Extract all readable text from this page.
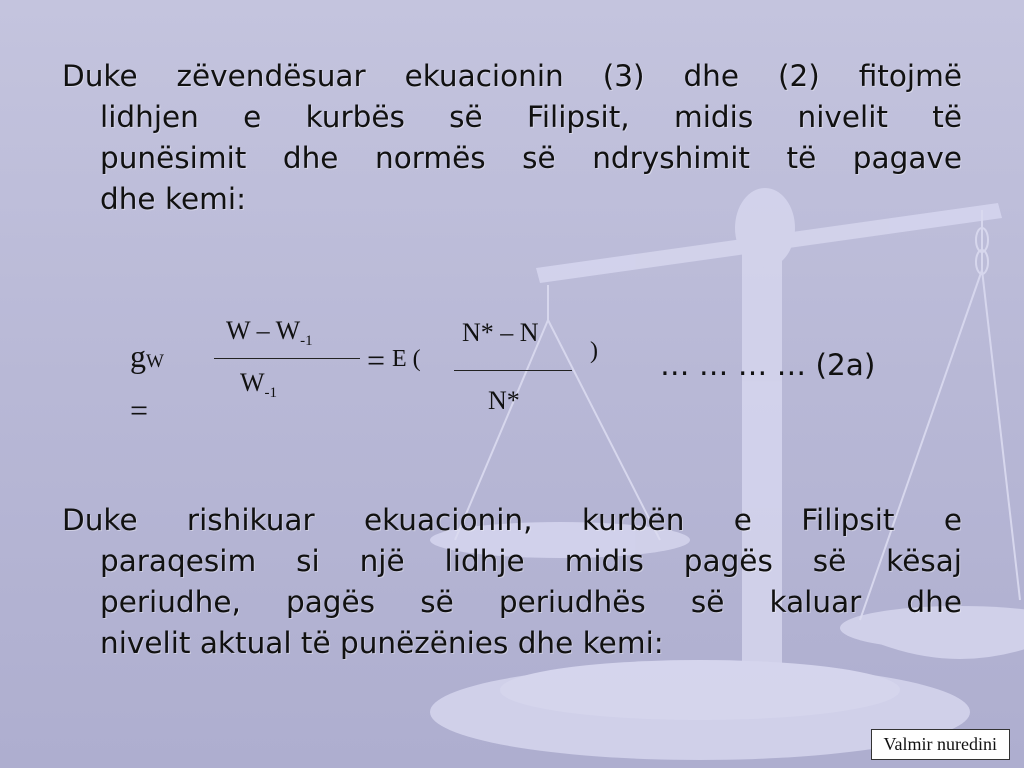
Duke zëvendësuar ekuacionin (3) dhe (2) fitojmë
lidhjen e kurbës së Filipsit, midis nivelit të
punësimit dhe normës së ndryshimit të pagave
dhe kemi:
gW
=
W – $W_{-1}$
$W_{-1}$
= E (
N* – N
N*
) … … … … (2a)
Duke rishikuar ekuacionin, kurbën e Filipsit e
paraqesim si një lidhje midis pagës së kësaj
periudhe, pagës së periudhës së kaluar dhe
nivelit aktual të punëzënies dhe kemi:
Valmir nuredini
